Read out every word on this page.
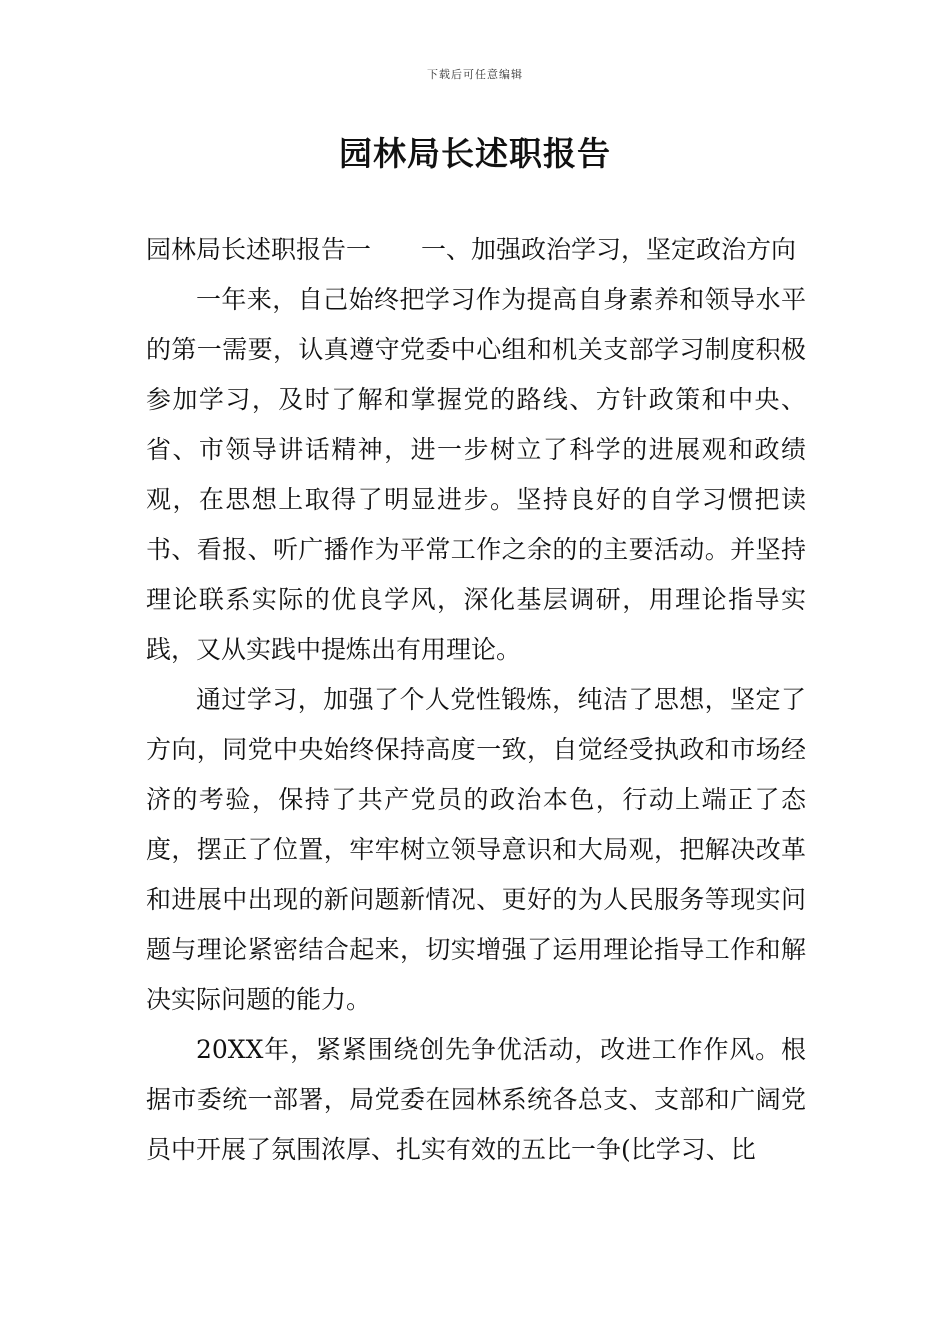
下载后可任意编辑
园林局长述职报告

园林局长述职报告一 一、加强政治学习，坚定政治方向

一年来，自己始终把学习作为提高自身素养和领导水平的第一需要，认真遵守党委中心组和机关支部学习制度积极参加学习，及时了解和掌握党的路线、方针政策和中央、省、市领导讲话精神，进一步树立了科学的进展观和政绩观，在思想上取得了明显进步。坚持良好的自学习惯把读书、看报、听广播作为平常工作之余的的主要活动。并坚持理论联系实际的优良学风，深化基层调研，用理论指导实践，又从实践中提炼出有用理论。

通过学习，加强了个人党性锻炼，纯洁了思想，坚定了方向，同党中央始终保持高度一致，自觉经受执政和市场经济的考验，保持了共产党员的政治本色，行动上端正了态度，摆正了位置，牢牢树立领导意识和大局观，把解决改革和进展中出现的新问题新情况、更好的为人民服务等现实问题与理论紧密结合起来，切实增强了运用理论指导工作和解决实际问题的能力。

20XX年，紧紧围绕创先争优活动，改进工作作风。根据市委统一部署，局党委在园林系统各总支、支部和广阔党员中开展了氛围浓厚、扎实有效的五比一争(比学习、比
